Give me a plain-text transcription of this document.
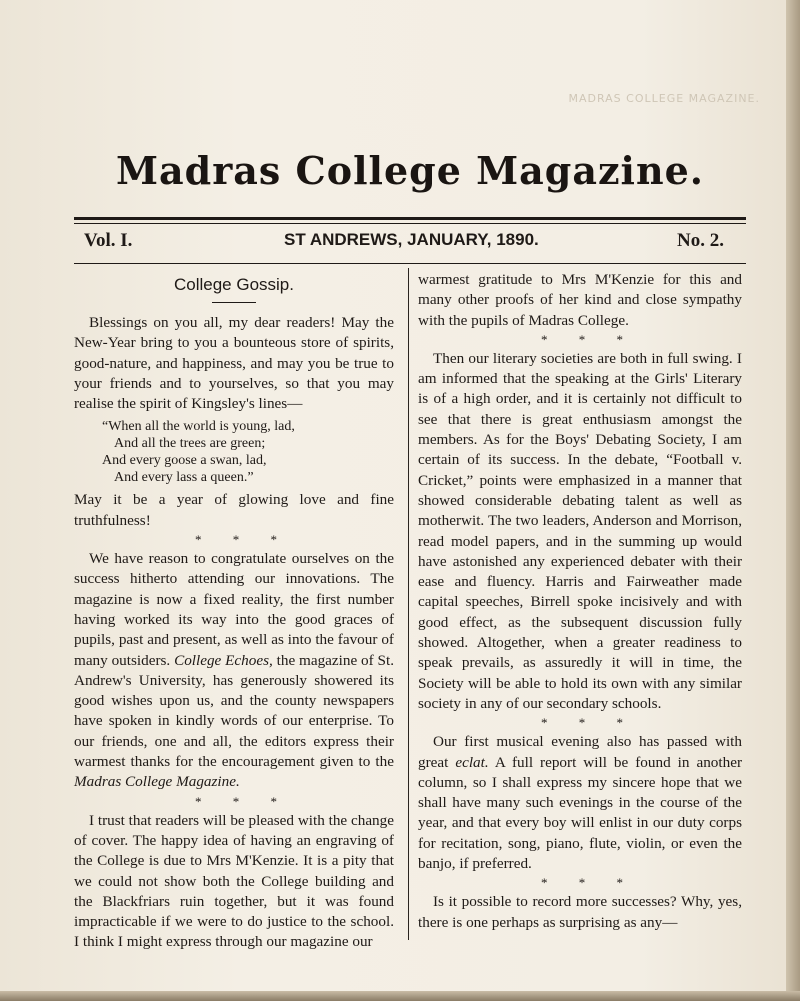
MADRAS COLLEGE MAGAZINE.
Madras College Magazine.
Vol. I.	ST ANDREWS, JANUARY, 1890.	No. 2.
College Gossip.

Blessings on you all, my dear readers! May the New-Year bring to you a bounteous store of spirits, good-nature, and happiness, and may you be true to your friends and to yourselves, so that you may realise the spirit of Kingsley's lines—

“When all the world is young, lad,
And all the trees are green;
And every goose a swan, lad,
And every lass a queen.”

May it be a year of glowing love and fine truthfulness!

* * *

We have reason to congratulate ourselves on the success hitherto attending our innovations. The magazine is now a fixed reality, the first number having worked its way into the good graces of pupils, past and present, as well as into the favour of many outsiders. College Echoes, the magazine of St. Andrew's University, has generously showered its good wishes upon us, and the county newspapers have spoken in kindly words of our enterprise. To our friends, one and all, the editors express their warmest thanks for the encouragement given to the Madras College Magazine.

* * *

I trust that readers will be pleased with the change of cover. The happy idea of having an engraving of the College is due to Mrs M'Kenzie. It is a pity that we could not show both the College building and the Blackfriars ruin together, but it was found impracticable if we were to do justice to the school. I think I might express through our magazine our

warmest gratitude to Mrs M'Kenzie for this and many other proofs of her kind and close sympathy with the pupils of Madras College.

* * *

Then our literary societies are both in full swing. I am informed that the speaking at the Girls' Literary is of a high order, and it is certainly not difficult to see that there is great enthusiasm amongst the members. As for the Boys' Debating Society, I am certain of its success. In the debate, “Football v. Cricket,” points were emphasized in a manner that showed considerable debating talent as well as motherwit. The two leaders, Anderson and Morrison, read model papers, and in the summing up would have astonished any experienced debater with their ease and fluency. Harris and Fairweather made capital speeches, Birrell spoke incisively and with good effect, as the subsequent discussion fully showed. Altogether, when a greater readiness to speak prevails, as assuredly it will in time, the Society will be able to hold its own with any similar society in any of our secondary schools.

* * *

Our first musical evening also has passed with great eclat. A full report will be found in another column, so I shall express my sincere hope that we shall have many such evenings in the course of the year, and that every boy will enlist in our duty corps for recitation, song, piano, flute, violin, or even the banjo, if preferred.

* * *

Is it possible to record more successes? Why, yes, there is one perhaps as surprising as any—
